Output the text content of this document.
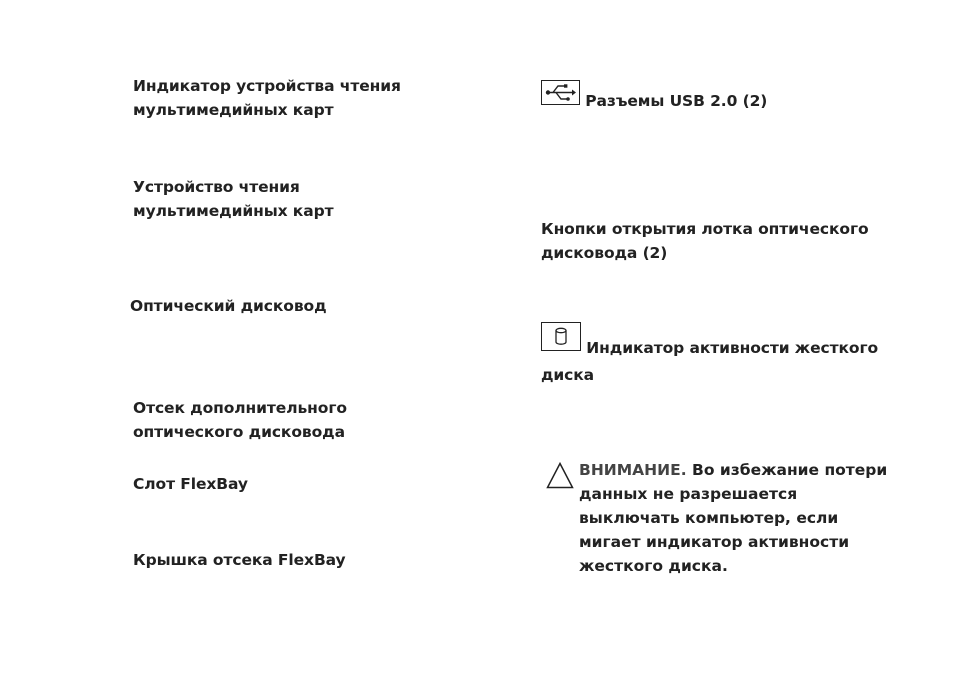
Индикатор устройства чтения мультимедийных карт
Устройство чтения мультимедийных карт
Оптический дисковод
Отсек дополнительного оптического дисковода
Слот FlexBay
Крышка отсека FlexBay
Разъемы USB 2.0 (2)
Кнопки открытия лотка оптического дисковода (2)
Индикатор активности жесткого диска
ВНИМАНИЕ. Во избежание потери данных не разрешается выключать компьютер, если мигает индикатор активности жесткого диска.
